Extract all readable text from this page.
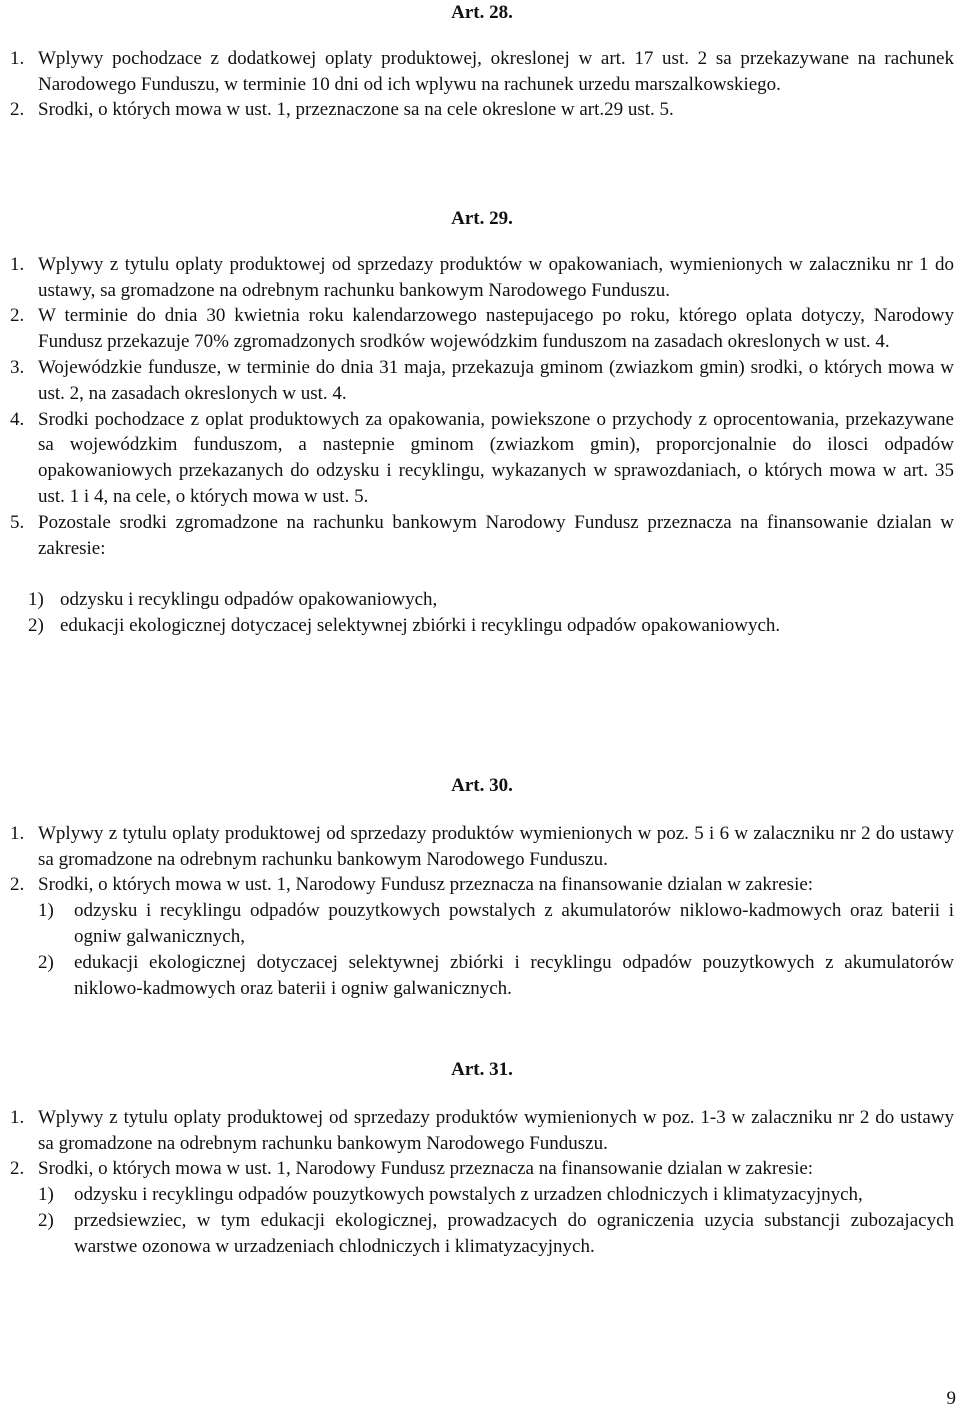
Art. 28.

1. Wplywy pochodzace z dodatkowej oplaty produktowej, okreslonej w art. 17 ust. 2 sa przekazywane na rachunek Narodowego Funduszu, w terminie 10 dni od ich wplywu na rachunek urzedu marszalkowskiego.

2. Srodki, o których mowa w ust. 1, przeznaczone sa na cele okreslone w art.29 ust. 5.

Art. 29.

1. Wplywy z tytulu oplaty produktowej od sprzedazy produktów w opakowaniach, wymienionych w zalaczniku nr 1 do ustawy, sa gromadzone na odrebnym rachunku bankowym Narodowego Funduszu.

2. W terminie do dnia 30 kwietnia roku kalendarzowego nastepujacego po roku, którego oplata dotyczy, Narodowy Fundusz przekazuje 70% zgromadzonych srodków wojewódzkim funduszom na zasadach okreslonych w ust. 4.

3. Wojewódzkie fundusze, w terminie do dnia 31 maja, przekazuja gminom (zwiazkom gmin) srodki, o których mowa w ust. 2, na zasadach okreslonych w ust. 4.

4. Srodki pochodzace z oplat produktowych za opakowania, powiekszone o przychody z oprocentowania, przekazywane sa wojewódzkim funduszom, a nastepnie gminom (zwiazkom gmin), proporcjonalnie do ilosci odpadów opakowaniowych przekazanych do odzysku i recyklingu, wykazanych w sprawozdaniach, o których mowa w art. 35 ust. 1 i 4, na cele, o których mowa w ust. 5.

5. Pozostale srodki zgromadzone na rachunku bankowym Narodowy Fundusz przeznacza na finansowanie dzialan w zakresie:

1) odzysku i recyklingu odpadów opakowaniowych,

2) edukacji ekologicznej dotyczacej selektywnej zbiórki i recyklingu odpadów opakowaniowych.

Art. 30.

1. Wplywy z tytulu oplaty produktowej od sprzedazy produktów wymienionych w poz. 5 i 6 w zalaczniku nr 2 do ustawy sa gromadzone na odrebnym rachunku bankowym Narodowego Funduszu.

2. Srodki, o których mowa w ust. 1, Narodowy Fundusz przeznacza na finansowanie dzialan w zakresie:

1) odzysku i recyklingu odpadów pouzytkowych powstalych z akumulatorów niklowo-kadmowych oraz baterii i ogniw galwanicznych,

2) edukacji ekologicznej dotyczacej selektywnej zbiórki i recyklingu odpadów pouzytkowych z akumulatorów niklowo-kadmowych oraz baterii i ogniw galwanicznych.

Art. 31.

1. Wplywy z tytulu oplaty produktowej od sprzedazy produktów wymienionych w poz. 1-3 w zalaczniku nr 2 do ustawy sa gromadzone na odrebnym rachunku bankowym Narodowego Funduszu.

2. Srodki, o których mowa w ust. 1, Narodowy Fundusz przeznacza na finansowanie dzialan w zakresie:

1) odzysku i recyklingu odpadów pouzytkowych powstalych z urzadzen chlodniczych i klimatyzacyjnych,

2) przedsiewziec, w tym edukacji ekologicznej, prowadzacych do ograniczenia uzycia substancji zubozajacych warstwe ozonowa w urzadzeniach chlodniczych i klimatyzacyjnych.

9
